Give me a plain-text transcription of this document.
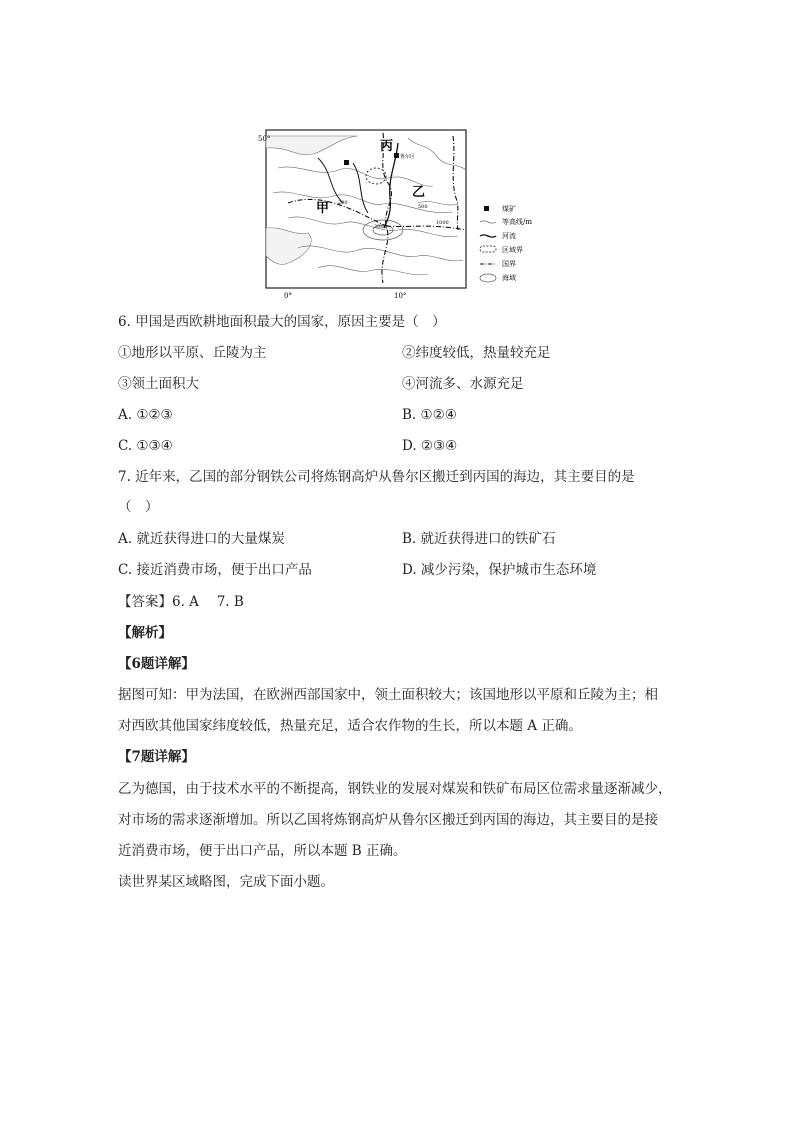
50°
0°	10°
丙
乙
甲
鲁尔区
200
500
1000
2000
煤矿
等高线/m
河流
区域界
国界
海域
6. 甲国是西欧耕地面积最大的国家，原因主要是（　）
①地形以平原、丘陵为主	②纬度较低，热量较充足
③领土面积大	④河流多、水源充足
A. ①②③	B. ①②④
C. ①③④	D. ②③④
7. 近年来，乙国的部分钢铁公司将炼钢高炉从鲁尔区搬迁到丙国的海边，其主要目的是
（　）
A. 就近获得进口的大量煤炭	B. 就近获得进口的铁矿石
C. 接近消费市场，便于出口产品	D. 减少污染，保护城市生态环境
【答案】6. A　 7. B
【解析】
【6题详解】
据图可知：甲为法国，在欧洲西部国家中，领土面积较大；该国地形以平原和丘陵为主；相
对西欧其他国家纬度较低，热量充足，适合农作物的生长，所以本题 A 正确。
【7题详解】
乙为德国，由于技术水平的不断提高，钢铁业的发展对煤炭和铁矿布局区位需求量逐渐减少，
对市场的需求逐渐增加。所以乙国将炼钢高炉从鲁尔区搬迁到丙国的海边，其主要目的是接
近消费市场，便于出口产品，所以本题 B 正确。
读世界某区域略图，完成下面小题。
